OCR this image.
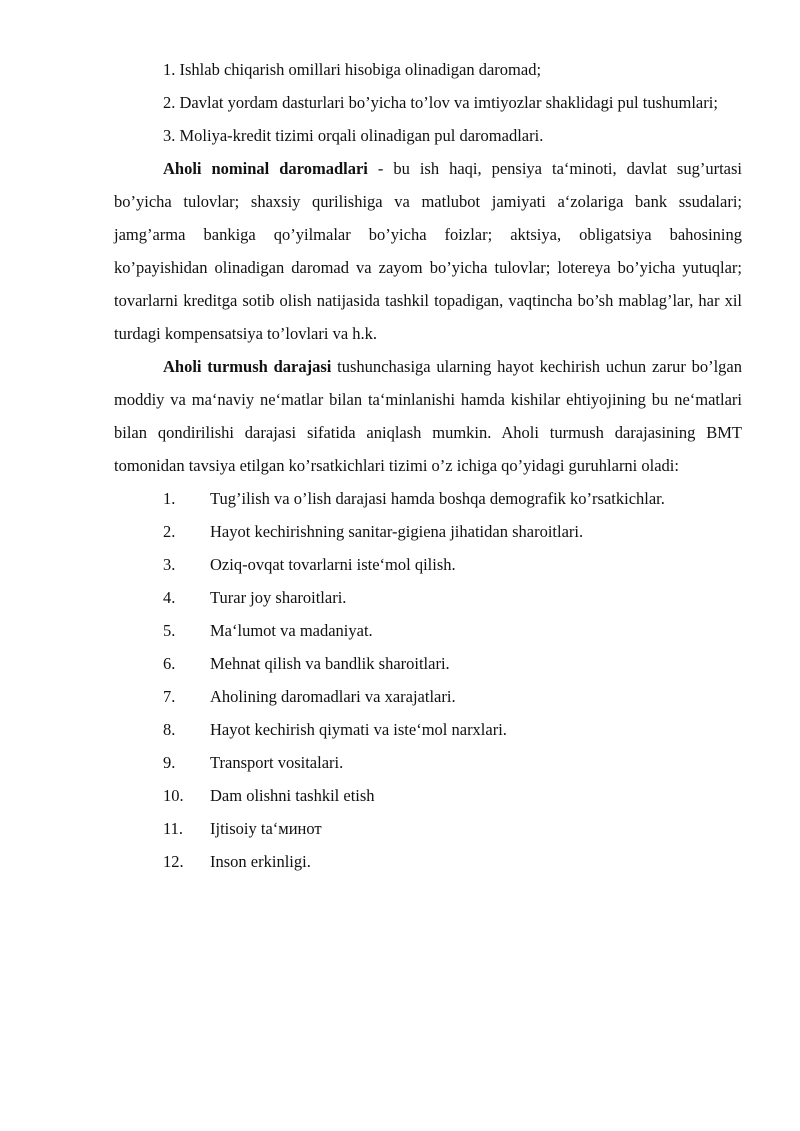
1. Ishlab chiqarish omillari hisobiga olinadigan daromad;

2. Davlat yordam dasturlari bo’yicha to’lov va imtiyozlar shaklidagi pul tushumlari;

3. Moliya-kredit tizimi orqali olinadigan pul daromadlari.

Aholi nominal daromadlari - bu ish haqi, pensiya ta‘minoti, davlat sug’urtasi bo’yicha tulovlar; shaxsiy qurilishiga va matlubot jamiyati a‘zolariga bank ssudalari; jamg’arma bankiga qo’yilmalar bo’yicha foizlar; aktsiya, obligatsiya bahosining ko’payishidan olinadigan daromad va zayom bo’yicha tulovlar; lotereya bo’yicha yutuqlar; tovarlarni kreditga sotib olish natijasida tashkil topadigan, vaqtincha bo’sh mablag’lar, har xil turdagi kompensatsiya to’lovlari va h.k.

Aholi turmush darajasi tushunchasiga ularning hayot kechirish uchun zarur bo’lgan moddiy va ma‘naviy ne‘matlar bilan ta‘minlanishi hamda kishilar ehtiyojining bu ne‘matlari bilan qondirilishi darajasi sifatida aniqlash mumkin. Aholi turmush darajasining BMT tomonidan tavsiya etilgan ko’rsatkichlari tizimi o’z ichiga qo’yidagi guruhlarni oladi:

1. Tug’ilish va o’lish darajasi hamda boshqa demografik ko’rsatkichlar.
2. Hayot kechirishning sanitar-gigiena jihatidan sharoitlari.
3. Oziq-ovqat tovarlarni iste‘mol qilish.
4. Turar joy sharoitlari.
5. Ma‘lumot va madaniyat.
6. Mehnat qilish va bandlik sharoitlari.
7. Aholining daromadlari va xarajatlari.
8. Hayot kechirish qiymati va iste‘mol narxlari.
9. Transport vositalari.
10. Dam olishni tashkil etish
11. Ijtisoiy ta‘минот
12. Inson erkinligi.
